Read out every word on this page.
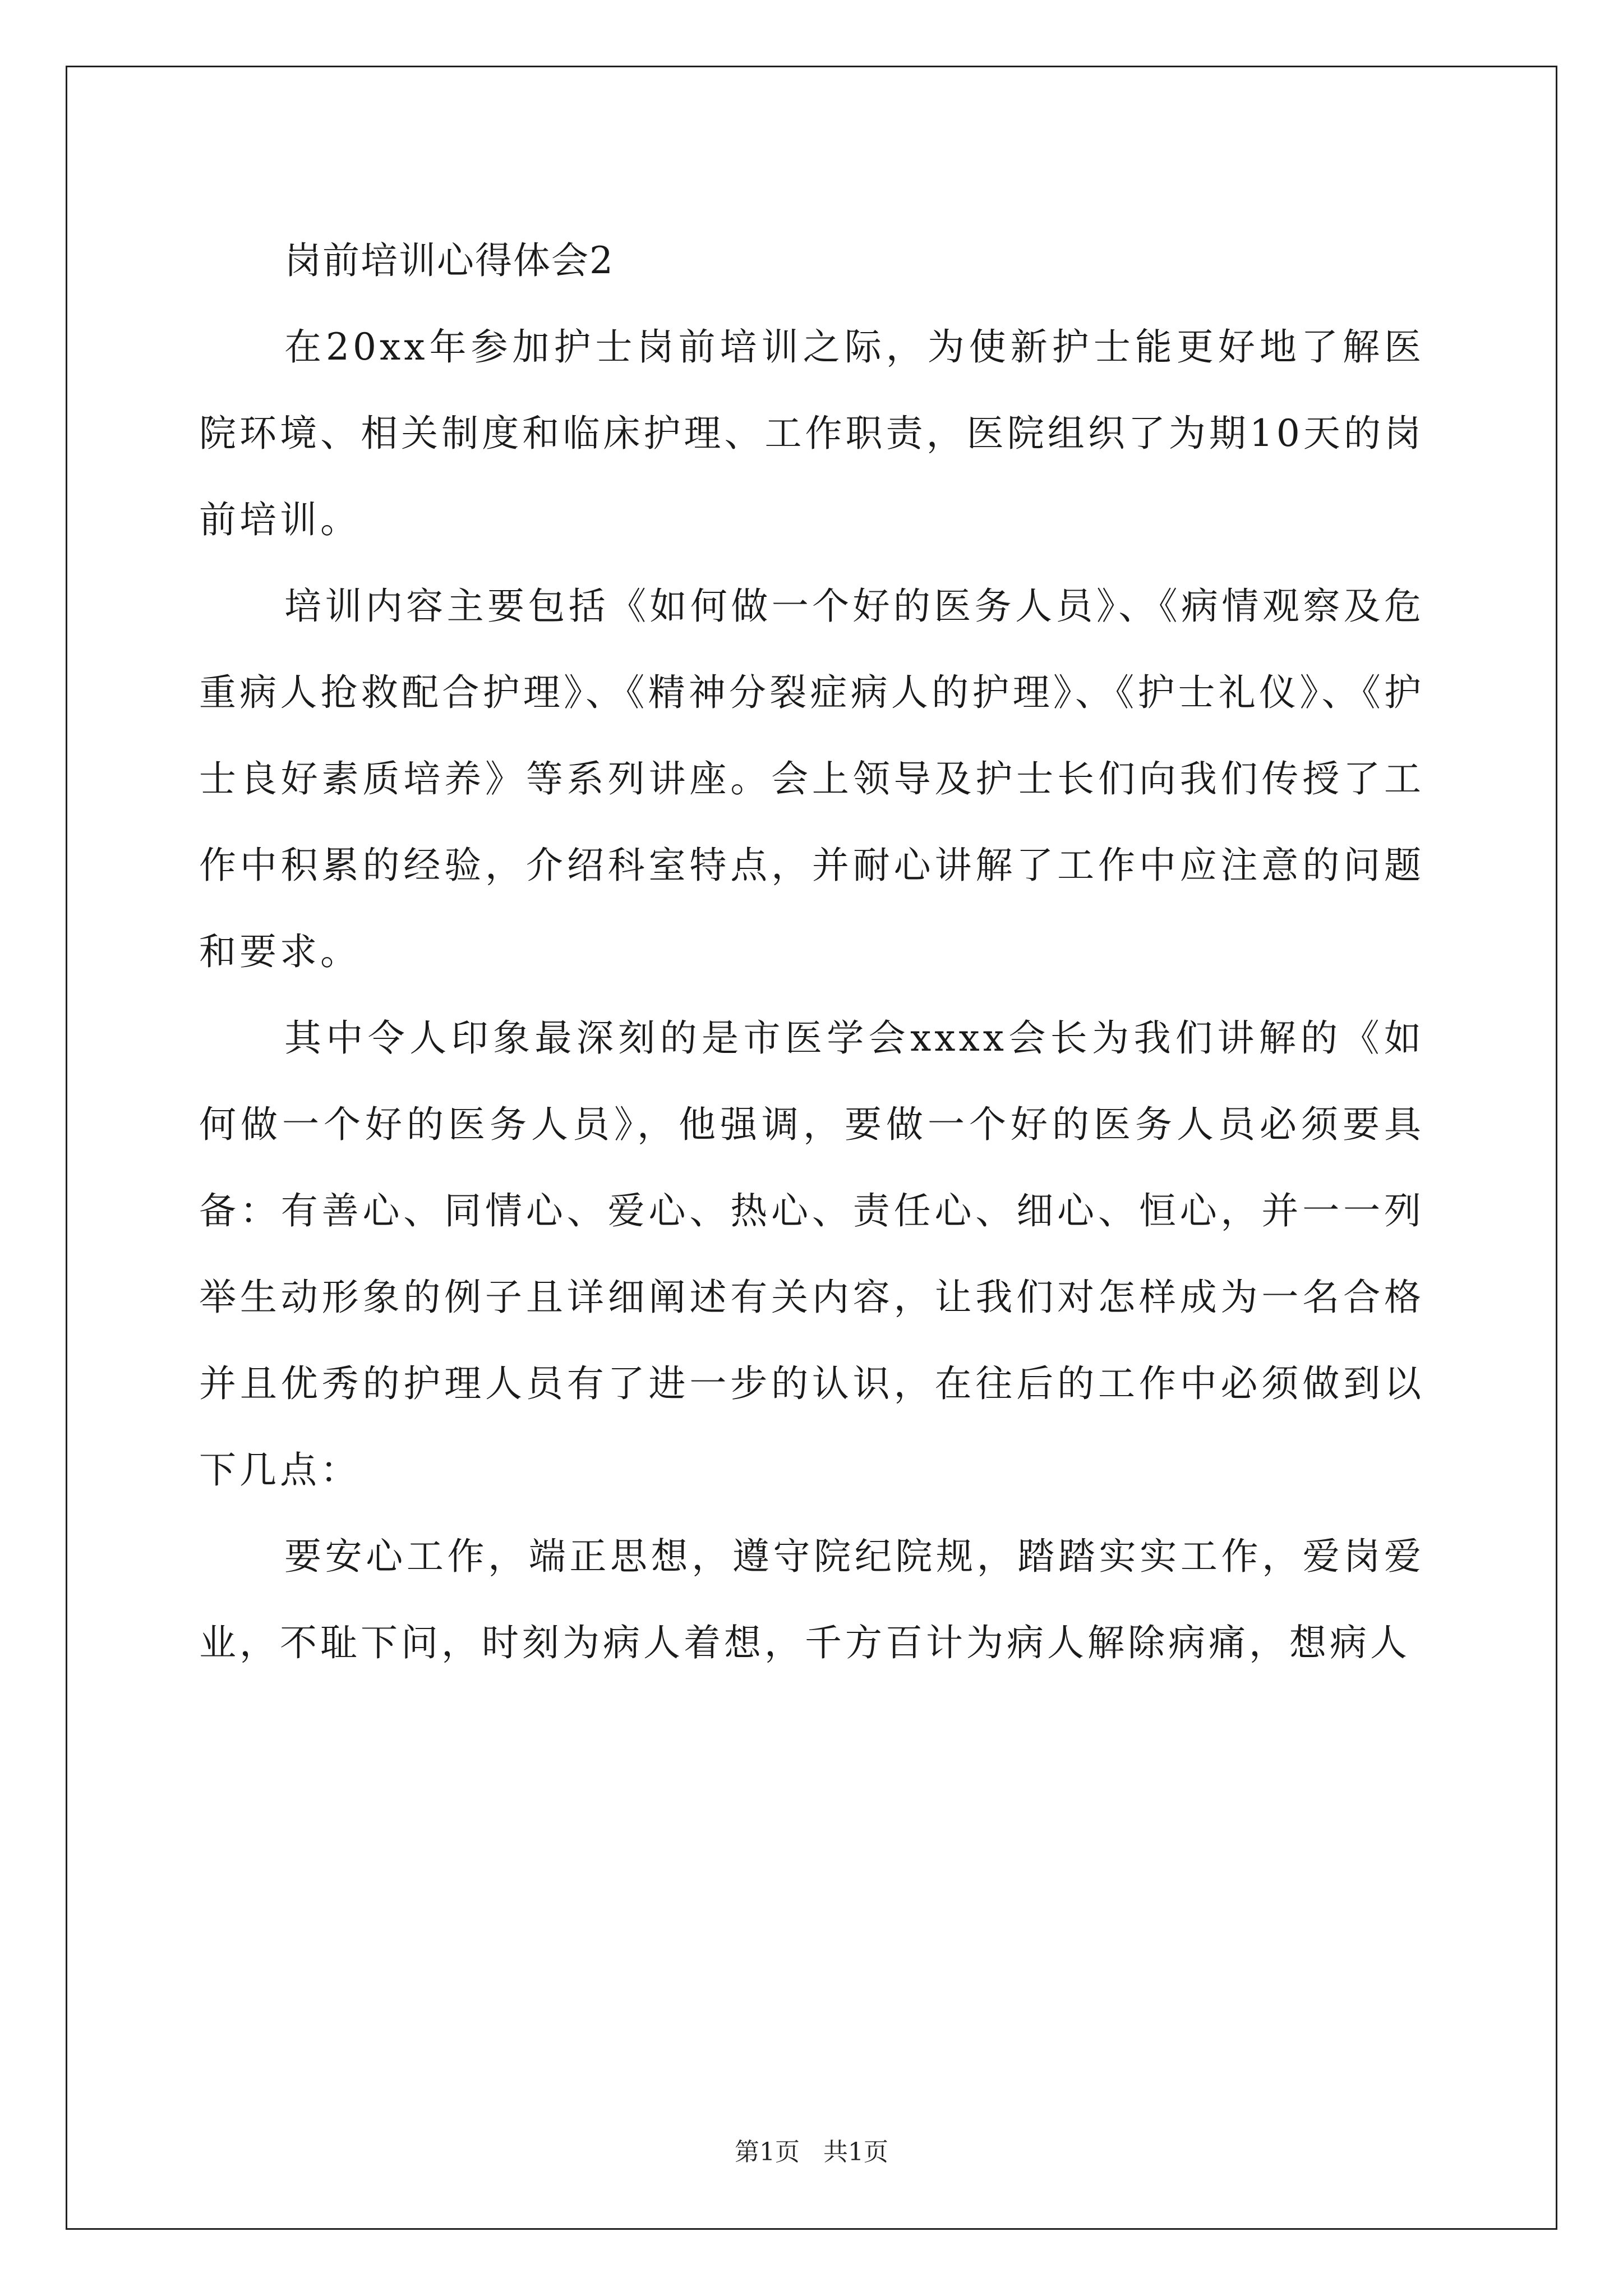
岗前培训心得体会2

在20xx年参加护士岗前培训之际，为使新护士能更好地了解医院环境、相关制度和临床护理、工作职责，医院组织了为期10天的岗前培训。

培训内容主要包括《如何做一个好的医务人员》、《病情观察及危重病人抢救配合护理》、《精神分裂症病人的护理》、《护士礼仪》、《护士良好素质培养》等系列讲座。会上领导及护士长们向我们传授了工作中积累的经验，介绍科室特点，并耐心讲解了工作中应注意的问题和要求。

其中令人印象最深刻的是市医学会xxxx会长为我们讲解的《如何做一个好的医务人员》，他强调，要做一个好的医务人员必须要具备：有善心、同情心、爱心、热心、责任心、细心、恒心，并一一列举生动形象的例子且详细阐述有关内容，让我们对怎样成为一名合格并且优秀的护理人员有了进一步的认识，在往后的工作中必须做到以下几点：

要安心工作，端正思想，遵守院纪院规，踏踏实实工作，爱岗爱业，不耻下问，时刻为病人着想，千方百计为病人解除病痛，想病人

第1页 共1页
